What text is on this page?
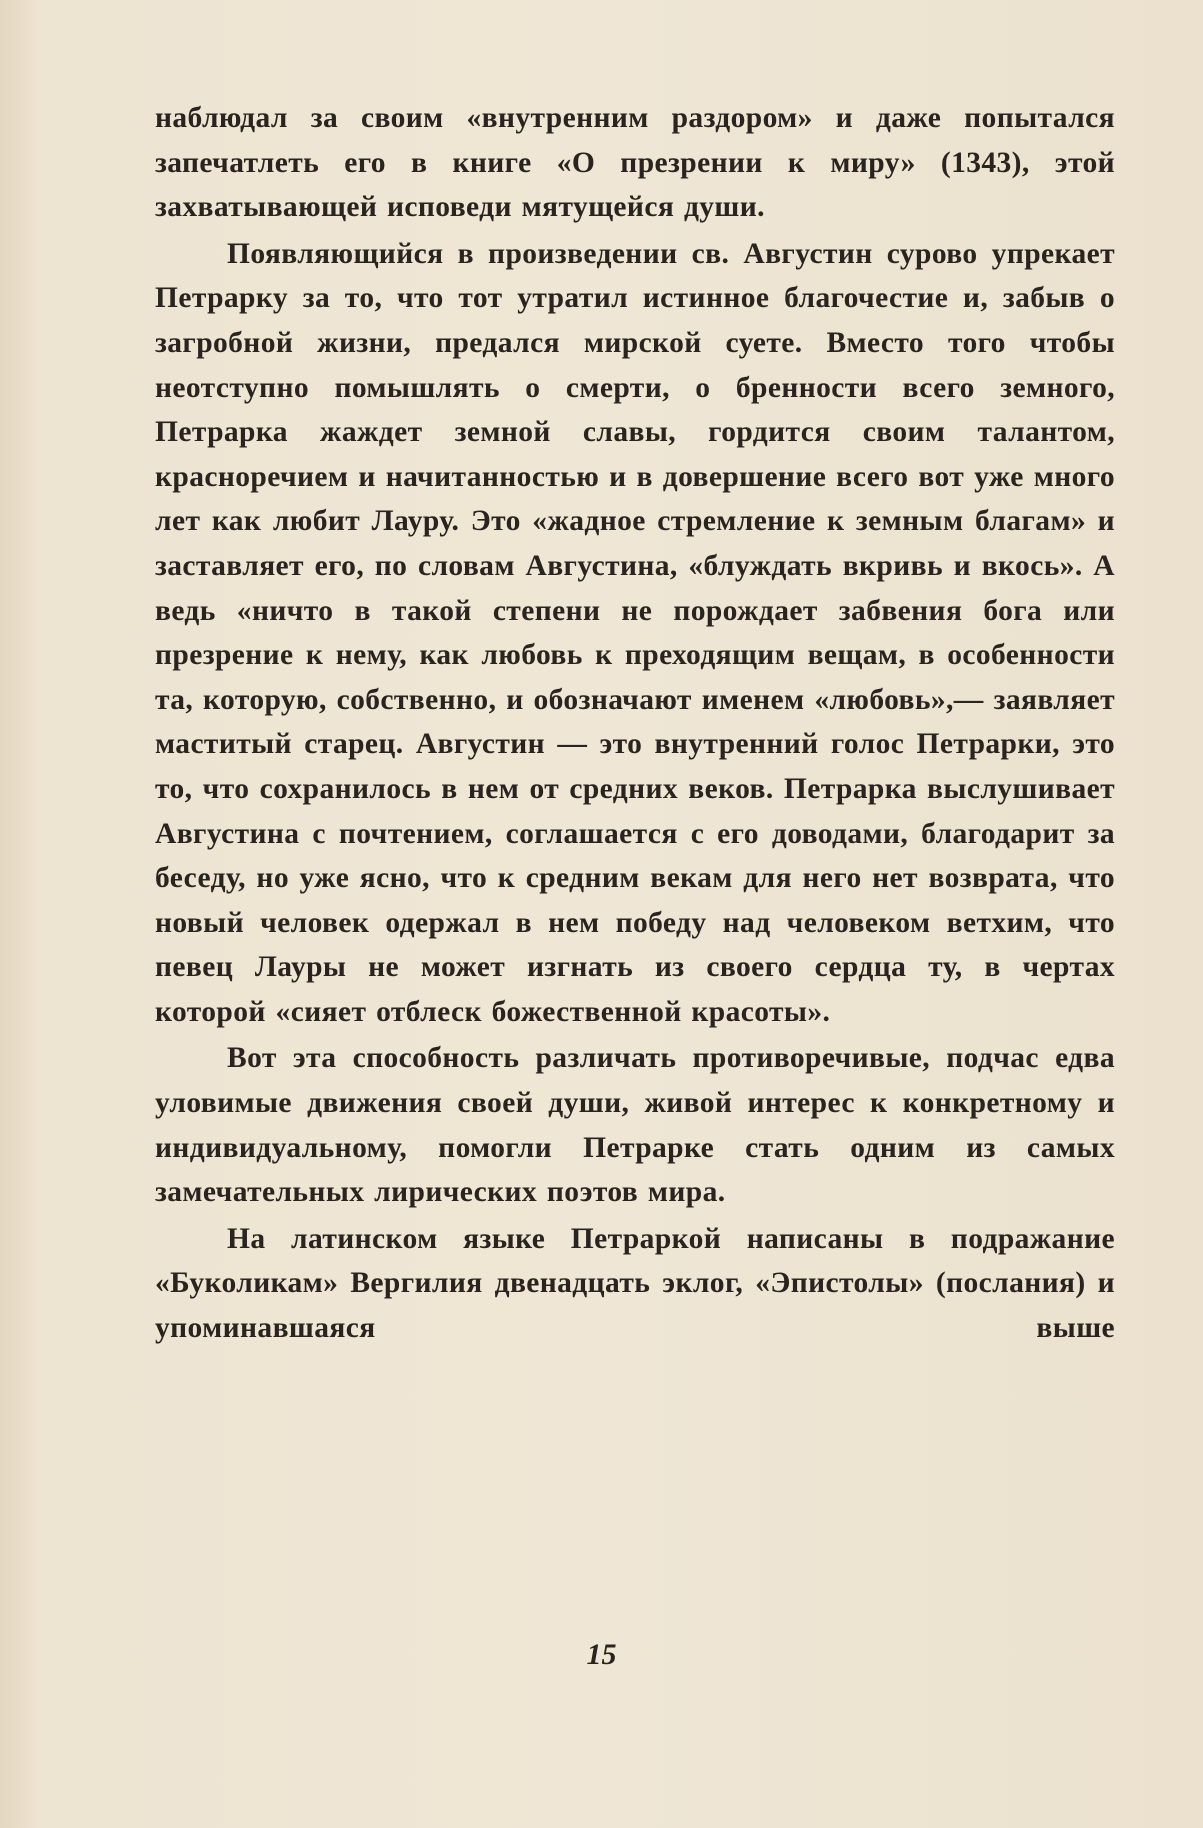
наблюдал за своим «внутренним раздором» и даже попытался запечатлеть его в книге «О презрении к миру» (1343), этой захватывающей исповеди мятущейся души.

Появляющийся в произведении св. Августин сурово упрекает Петрарку за то, что тот утратил истинное благочестие и, забыв о загробной жизни, предался мирской суете. Вместо того чтобы неотступно помышлять о смерти, о бренности всего земного, Петрарка жаждет земной славы, гордится своим талантом, красноречием и начитанностью и в довершение всего вот уже много лет как любит Лауру. Это «жадное стремление к земным благам» и заставляет его, по словам Августина, «блуждать вкривь и вкось». А ведь «ничто в такой степени не порождает забвения бога или презрение к нему, как любовь к преходящим вещам, в особенности та, которую, собственно, и обозначают именем «любовь»,— заявляет маститый старец. Августин — это внутренний голос Петрарки, это то, что сохранилось в нем от средних веков. Петрарка выслушивает Августина с почтением, соглашается с его доводами, благодарит за беседу, но уже ясно, что к средним векам для него нет возврата, что новый человек одержал в нем победу над человеком ветхим, что певец Лауры не может изгнать из своего сердца ту, в чертах которой «сияет отблеск божественной красоты».

Вот эта способность различать противоречивые, подчас едва уловимые движения своей души, живой интерес к конкретному и индивидуальному, помогли Петрарке стать одним из самых замечательных лирических поэтов мира.

На латинском языке Петраркой написаны в подражание «Буколикам» Вергилия двенадцать эклог, «Эпистолы» (послания) и упоминавшаяся выше

15
